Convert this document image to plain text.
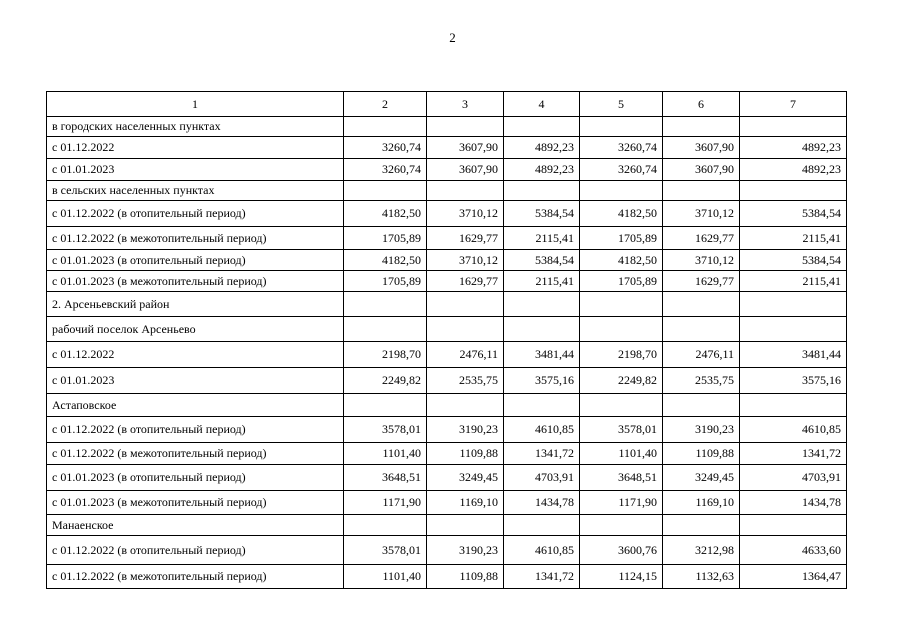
2
1	2	3	4	5	6	7
в городских населенных пунктах						
с 01.12.2022	3260,74	3607,90	4892,23	3260,74	3607,90	4892,23
с 01.01.2023	3260,74	3607,90	4892,23	3260,74	3607,90	4892,23
в сельских населенных пунктах						
с 01.12.2022 (в отопительный период)	4182,50	3710,12	5384,54	4182,50	3710,12	5384,54
с 01.12.2022 (в межотопительный период)	1705,89	1629,77	2115,41	1705,89	1629,77	2115,41
с 01.01.2023 (в отопительный период)	4182,50	3710,12	5384,54	4182,50	3710,12	5384,54
с 01.01.2023 (в межотопительный период)	1705,89	1629,77	2115,41	1705,89	1629,77	2115,41
2. Арсеньевский район						
рабочий поселок Арсеньево						
с 01.12.2022	2198,70	2476,11	3481,44	2198,70	2476,11	3481,44
с 01.01.2023	2249,82	2535,75	3575,16	2249,82	2535,75	3575,16
Астаповское						
с 01.12.2022 (в отопительный период)	3578,01	3190,23	4610,85	3578,01	3190,23	4610,85
с 01.12.2022 (в межотопительный период)	1101,40	1109,88	1341,72	1101,40	1109,88	1341,72
с 01.01.2023 (в отопительный период)	3648,51	3249,45	4703,91	3648,51	3249,45	4703,91
с 01.01.2023 (в межотопительный период)	1171,90	1169,10	1434,78	1171,90	1169,10	1434,78
Манаенское						
с 01.12.2022 (в отопительный период)	3578,01	3190,23	4610,85	3600,76	3212,98	4633,60
с 01.12.2022 (в межотопительный период)	1101,40	1109,88	1341,72	1124,15	1132,63	1364,47
